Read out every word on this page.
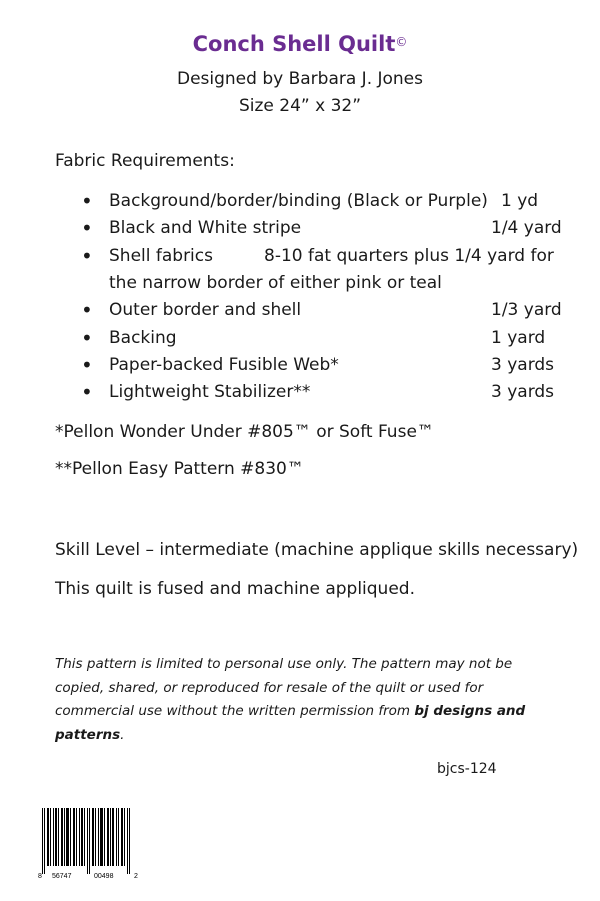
Conch Shell Quilt©
Designed by Barbara J. Jones
Size 24” x 32”
Fabric Requirements:
• Background/border/binding (Black or Purple) 1 yd
• Black and White stripe	1/4 yard
• Shell fabrics	8-10 fat quarters plus 1/4 yard for
the narrow border of either pink or teal
• Outer border and shell	1/3 yard
• Backing	1 yard
• Paper-backed Fusible Web*	3 yards
• Lightweight Stabilizer**	3 yards
*Pellon Wonder Under #805™ or Soft Fuse™
**Pellon Easy Pattern #830™
Skill Level – intermediate (machine applique skills necessary)
This quilt is fused and machine appliqued.
This pattern is limited to personal use only. The pattern may not be copied, shared, or reproduced for resale of the quilt or used for commercial use without the written permission from bj designs and patterns.
bjcs-124
8 56747	00498	2
